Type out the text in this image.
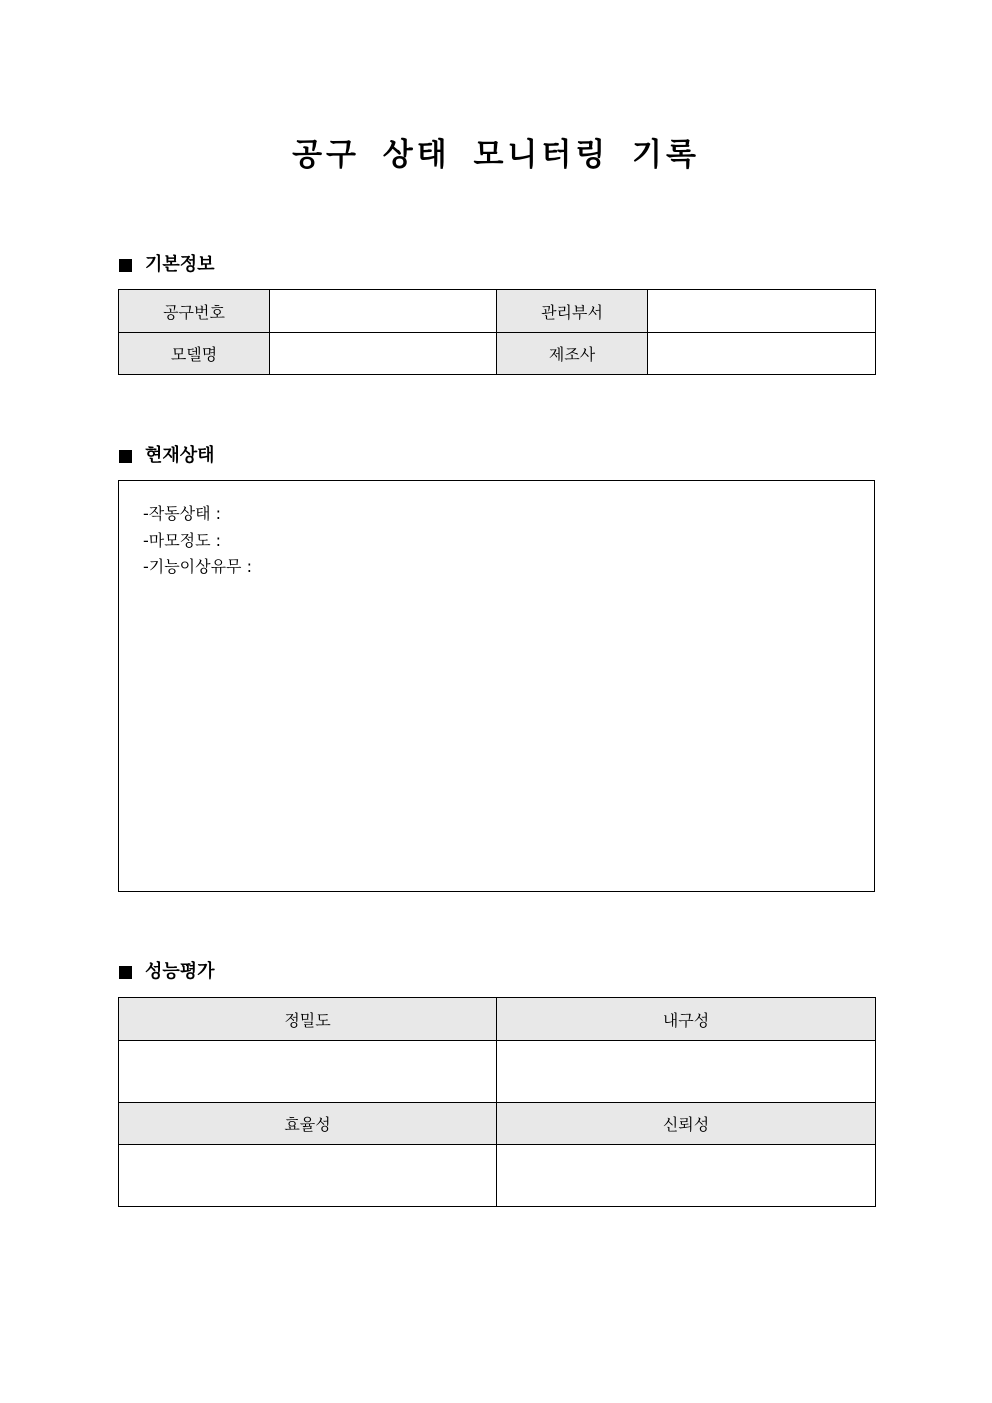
공구 상태 모니터링 기록
기본정보
공구번호		관리부서	
모델명		제조사	
현재상태
-작동상태 :
-마모정도 :
-기능이상유무 :
성능평가
정밀도	내구성

효율성	신뢰성
